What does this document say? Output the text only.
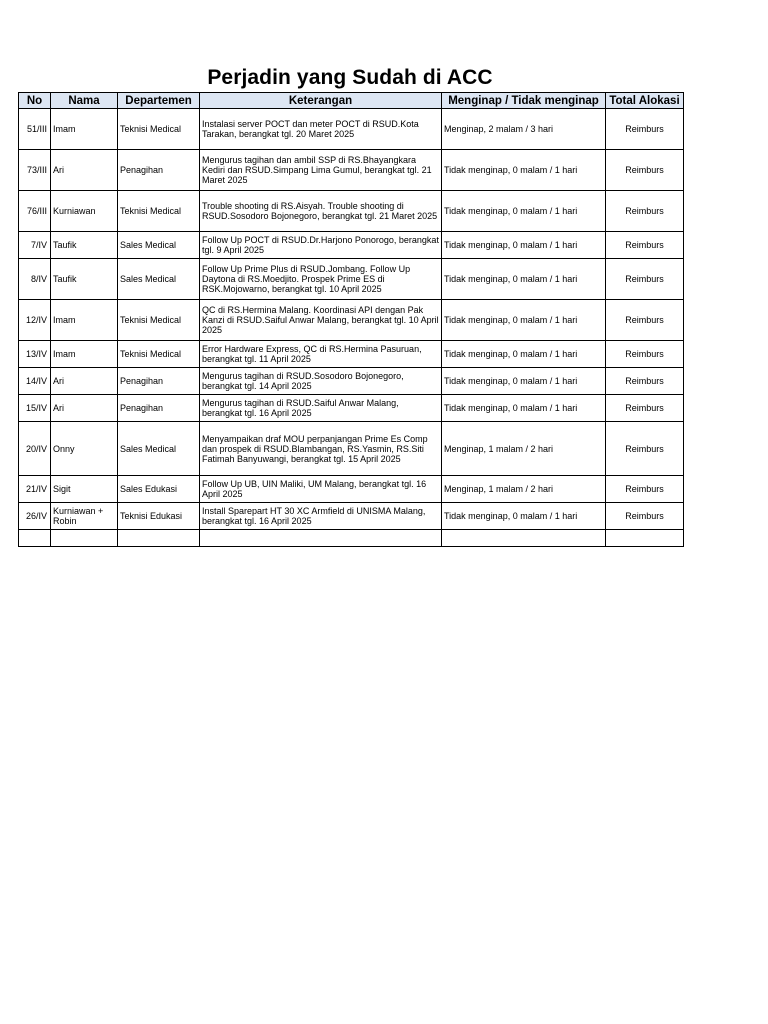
Perjadin yang Sudah di ACC
No	Nama	Departemen	Keterangan	Menginap / Tidak menginap	Total Alokasi
51/III	Imam	Teknisi Medical	Instalasi server POCT dan meter POCT di RSUD.Kota Tarakan, berangkat tgl. 20 Maret 2025	Menginap, 2 malam / 3 hari	Reimburs
73/III	Ari	Penagihan	Mengurus tagihan dan ambil SSP di RS.Bhayangkara Kediri dan RSUD.Simpang Lima Gumul, berangkat tgl. 21 Maret 2025	Tidak menginap, 0 malam / 1 hari	Reimburs
76/III	Kurniawan	Teknisi Medical	Trouble shooting di RS.Aisyah. Trouble shooting di RSUD.Sosodoro Bojonegoro, berangkat tgl. 21 Maret 2025	Tidak menginap, 0 malam / 1 hari	Reimburs
7/IV	Taufik	Sales Medical	Follow Up POCT di RSUD.Dr.Harjono Ponorogo, berangkat tgl. 9 April 2025	Tidak menginap, 0 malam / 1 hari	Reimburs
8/IV	Taufik	Sales Medical	Follow Up Prime Plus di RSUD.Jombang. Follow Up Daytona di RS.Moedjito. Prospek Prime ES di RSK.Mojowarno, berangkat tgl. 10 April 2025	Tidak menginap, 0 malam / 1 hari	Reimburs
12/IV	Imam	Teknisi Medical	QC di RS.Hermina Malang. Koordinasi API dengan Pak Kanzi di RSUD.Saiful Anwar Malang, berangkat tgl. 10 April 2025	Tidak menginap, 0 malam / 1 hari	Reimburs
13/IV	Imam	Teknisi Medical	Error Hardware Express, QC di RS.Hermina Pasuruan, berangkat tgl. 11 April 2025	Tidak menginap, 0 malam / 1 hari	Reimburs
14/IV	Ari	Penagihan	Mengurus tagihan di RSUD.Sosodoro Bojonegoro, berangkat tgl. 14 April 2025	Tidak menginap, 0 malam / 1 hari	Reimburs
15/IV	Ari	Penagihan	Mengurus tagihan di RSUD.Saiful Anwar Malang, berangkat tgl. 16 April 2025	Tidak menginap, 0 malam / 1 hari	Reimburs
20/IV	Onny	Sales Medical	Menyampaikan draf MOU perpanjangan Prime Es Comp dan prospek di RSUD.Blambangan, RS.Yasmin, RS.Siti Fatimah Banyuwangi, berangkat tgl. 15 April 2025	Menginap, 1 malam / 2 hari	Reimburs
21/IV	Sigit	Sales Edukasi	Follow Up UB, UIN Maliki, UM Malang, berangkat tgl. 16 April 2025	Menginap, 1 malam / 2 hari	Reimburs
26/IV	Kurniawan + Robin	Teknisi Edukasi	Install Sparepart HT 30 XC Armfield di UNISMA Malang, berangkat tgl. 16 April 2025	Tidak menginap, 0 malam / 1 hari	Reimburs
